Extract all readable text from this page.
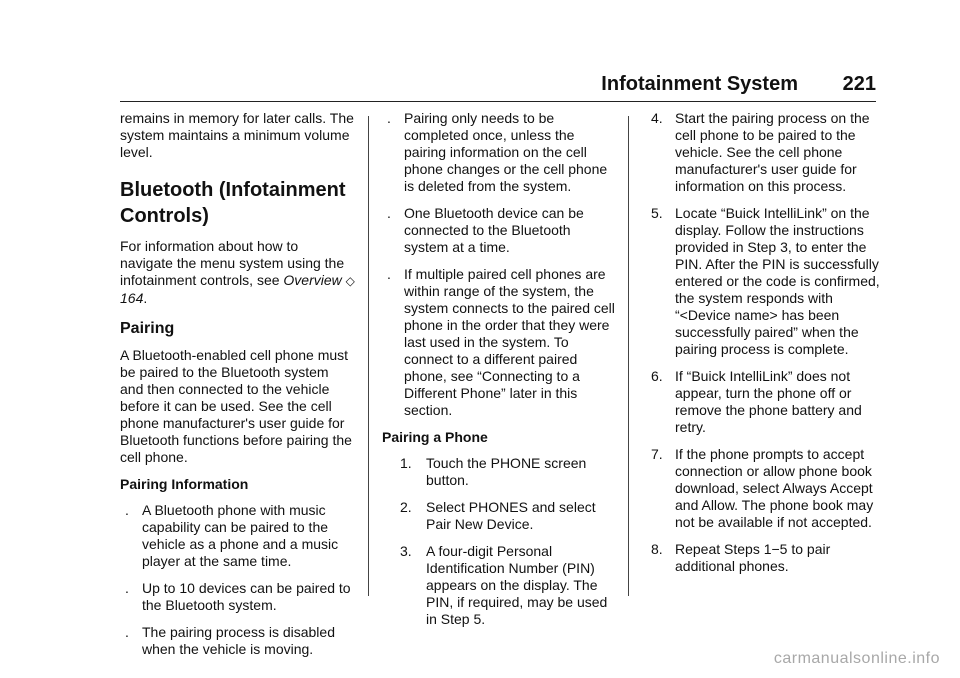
Infotainment System 221

remains in memory for later calls. The system maintains a minimum volume level.

Bluetooth (Infotainment Controls)

For information about how to navigate the menu system using the infotainment controls, see Overview ◇ 164.

Pairing

A Bluetooth-enabled cell phone must be paired to the Bluetooth system and then connected to the vehicle before it can be used. See the cell phone manufacturer's user guide for Bluetooth functions before pairing the cell phone.

Pairing Information
. A Bluetooth phone with music capability can be paired to the vehicle as a phone and a music player at the same time.
. Up to 10 devices can be paired to the Bluetooth system.
. The pairing process is disabled when the vehicle is moving.
. Pairing only needs to be completed once, unless the pairing information on the cell phone changes or the cell phone is deleted from the system.
. One Bluetooth device can be connected to the Bluetooth system at a time.
. If multiple paired cell phones are within range of the system, the system connects to the paired cell phone in the order that they were last used in the system. To connect to a different paired phone, see “Connecting to a Different Phone” later in this section.
Pairing a Phone
1. Touch the PHONE screen button.
2. Select PHONES and select Pair New Device.
3. A four-digit Personal Identification Number (PIN) appears on the display. The PIN, if required, may be used in Step 5.
4. Start the pairing process on the cell phone to be paired to the vehicle. See the cell phone manufacturer's user guide for information on this process.
5. Locate “Buick IntelliLink” on the display. Follow the instructions provided in Step 3, to enter the PIN. After the PIN is successfully entered or the code is confirmed, the system responds with “<Device name> has been successfully paired” when the pairing process is complete.
6. If “Buick IntelliLink” does not appear, turn the phone off or remove the phone battery and retry.
7. If the phone prompts to accept connection or allow phone book download, select Always Accept and Allow. The phone book may not be available if not accepted.
8. Repeat Steps 1−5 to pair additional phones.
carmanualsonline.info
